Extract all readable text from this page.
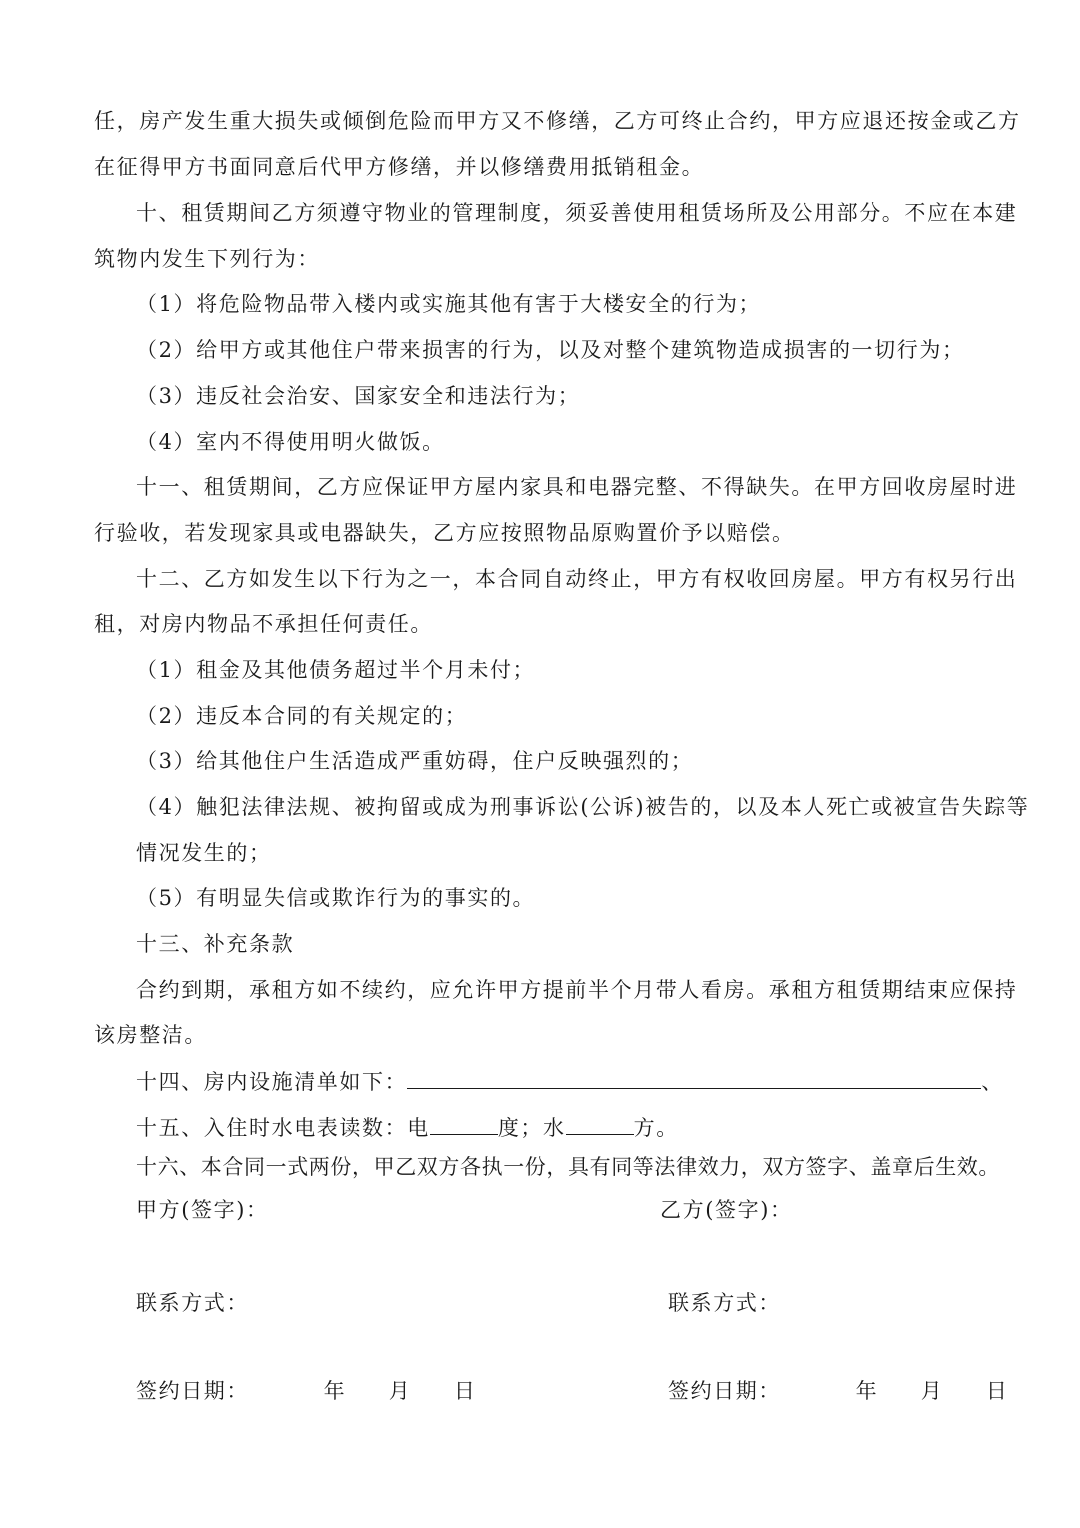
任，房产发生重大损失或倾倒危险而甲方又不修缮，乙方可终止合约，甲方应退还按金或乙方
在征得甲方书面同意后代甲方修缮，并以修缮费用抵销租金。
十、租赁期间乙方须遵守物业的管理制度，须妥善使用租赁场所及公用部分。不应在本建
筑物内发生下列行为：
（1）将危险物品带入楼内或实施其他有害于大楼安全的行为；
（2）给甲方或其他住户带来损害的行为，以及对整个建筑物造成损害的一切行为；
（3）违反社会治安、国家安全和违法行为；
（4）室内不得使用明火做饭。
十一、租赁期间，乙方应保证甲方屋内家具和电器完整、不得缺失。在甲方回收房屋时进
行验收，若发现家具或电器缺失，乙方应按照物品原购置价予以赔偿。
十二、乙方如发生以下行为之一，本合同自动终止，甲方有权收回房屋。甲方有权另行出
租，对房内物品不承担任何责任。
（1）租金及其他债务超过半个月未付；
（2）违反本合同的有关规定的；
（3）给其他住户生活造成严重妨碍，住户反映强烈的；
（4）触犯法律法规、被拘留或成为刑事诉讼(公诉)被告的，以及本人死亡或被宣告失踪等
情况发生的；
（5）有明显失信或欺诈行为的事实的。
十三、补充条款
合约到期，承租方如不续约，应允许甲方提前半个月带人看房。承租方租赁期结束应保持
该房整洁。
十四、房内设施清单如下：	、
十五、入住时水电表读数：电	度；水	方。
十六、本合同一式两份，甲乙双方各执一份，具有同等法律效力，双方签字、盖章后生效。
甲方(签字)：	乙方(签字)：
联系方式：	联系方式：
签约日期：	年 月 日	签约日期：	年 月 日
